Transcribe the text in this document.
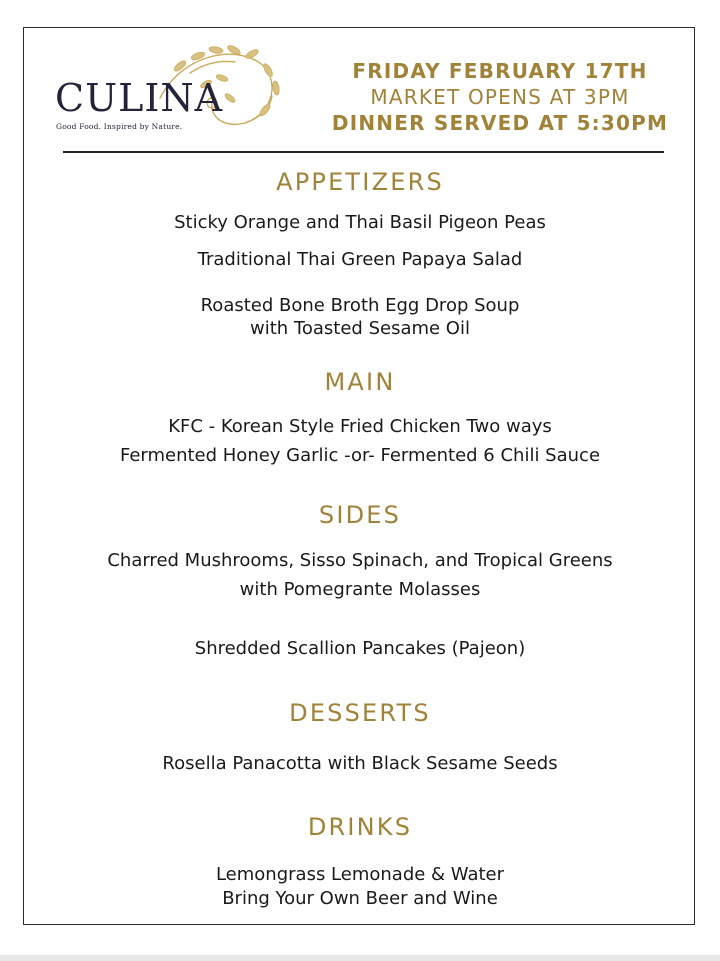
CULINA
Good Food. Inspired by Nature.
FRIDAY FEBRUARY 17TH
MARKET OPENS AT 3PM
DINNER SERVED AT 5:30PM
APPETIZERS
Sticky Orange and Thai Basil Pigeon Peas
Traditional Thai Green Papaya Salad
Roasted Bone Broth Egg Drop Soup
with Toasted Sesame Oil
MAIN
KFC - Korean Style Fried Chicken Two ways
Fermented Honey Garlic -or- Fermented 6 Chili Sauce
SIDES
Charred Mushrooms, Sisso Spinach, and Tropical Greens
with Pomegrante Molasses
Shredded Scallion Pancakes (Pajeon)
DESSERTS
Rosella Panacotta with Black Sesame Seeds
DRINKS
Lemongrass Lemonade & Water
Bring Your Own Beer and Wine
